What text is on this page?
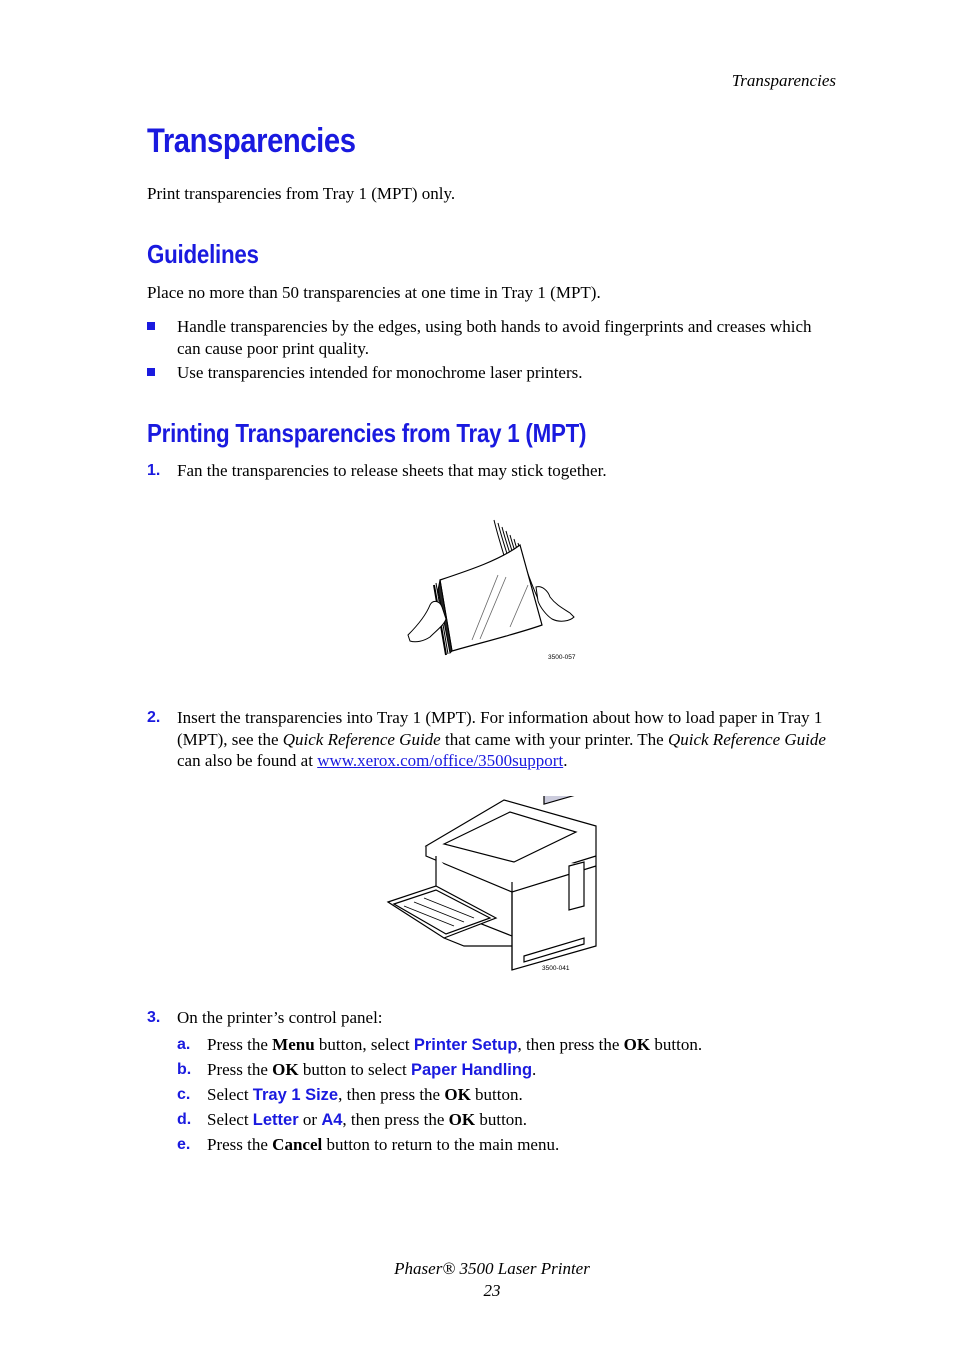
Transparencies
Transparencies
Print transparencies from Tray 1 (MPT) only.
Guidelines
Place no more than 50 transparencies at one time in Tray 1 (MPT).
Handle transparencies by the edges, using both hands to avoid fingerprints and creases which can cause poor print quality.
Use transparencies intended for monochrome laser printers.
Printing Transparencies from Tray 1 (MPT)
1. Fan the transparencies to release sheets that may stick together.
3500-057
2. Insert the transparencies into Tray 1 (MPT). For information about how to load paper in Tray 1 (MPT), see the Quick Reference Guide that came with your printer. The Quick Reference Guide can also be found at www.xerox.com/office/3500support.
3500-041
3. On the printer’s control panel:
a. Press the Menu button, select Printer Setup, then press the OK button.
b. Press the OK button to select Paper Handling.
c. Select Tray 1 Size, then press the OK button.
d. Select Letter or A4, then press the OK button.
e. Press the Cancel button to return to the main menu.
Phaser® 3500 Laser Printer
23
